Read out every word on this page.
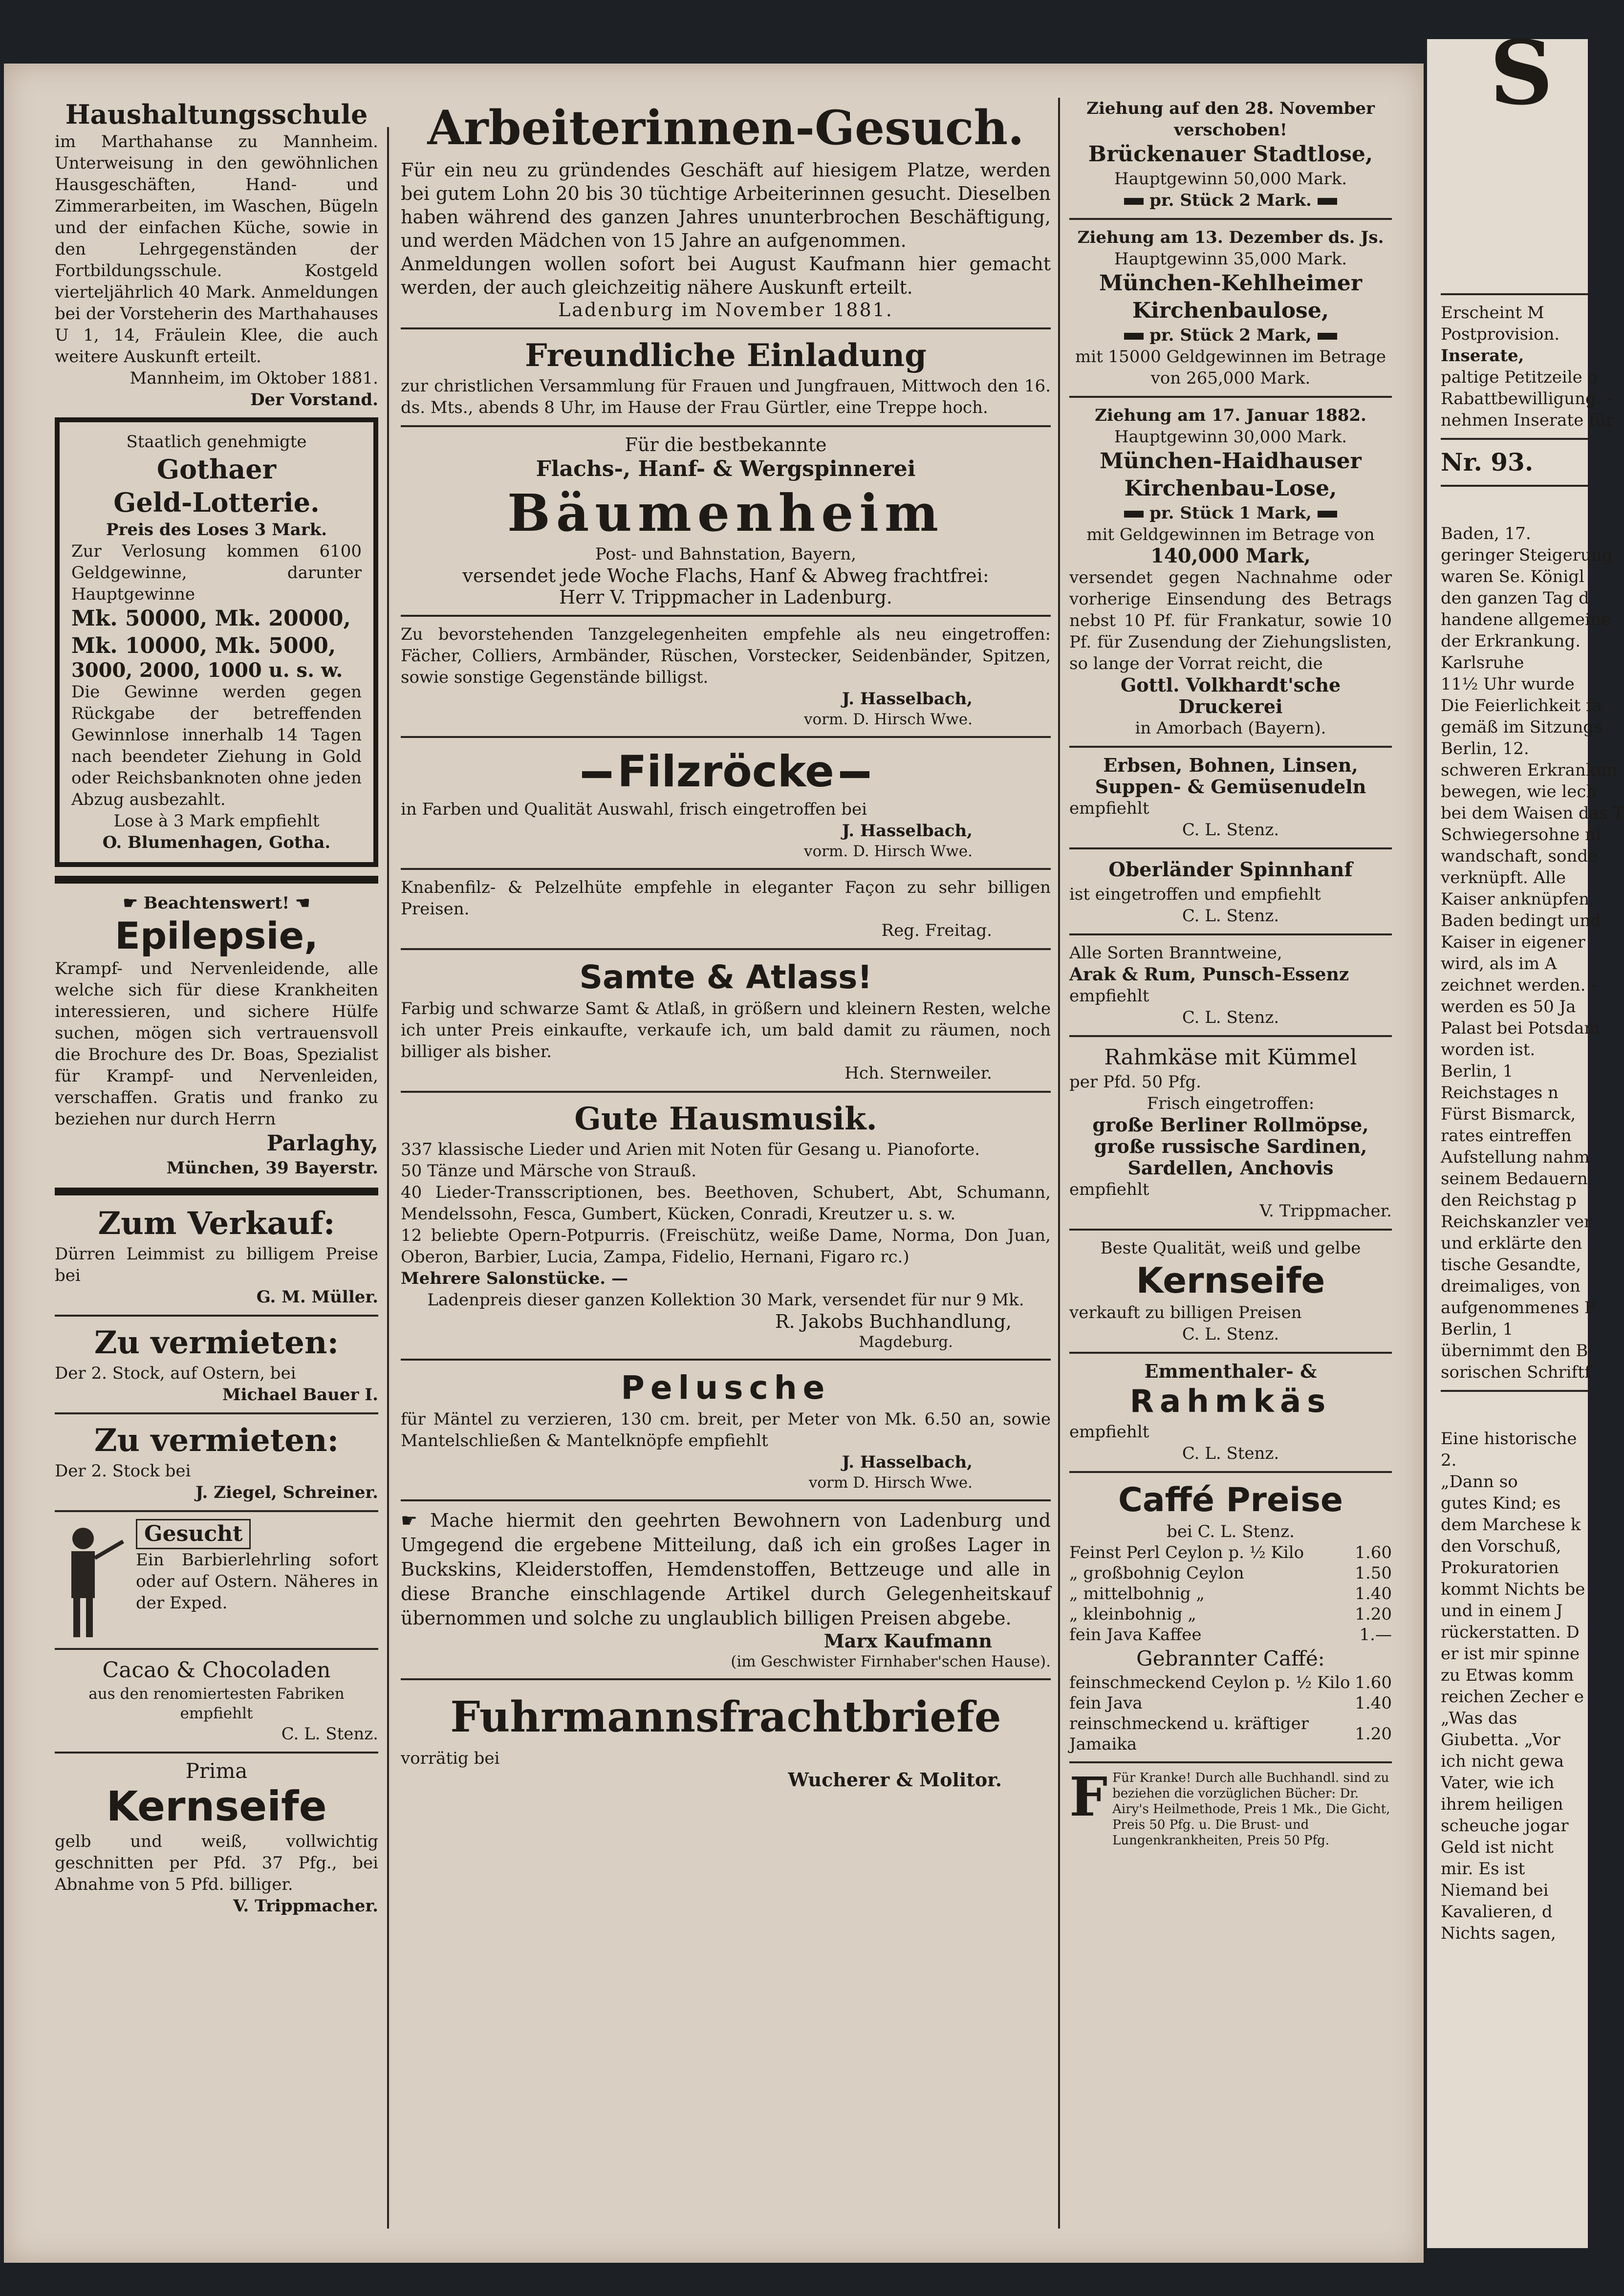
Haushaltungsschule

im Marthahanse zu Mannheim. Unterweisung in den gewöhnlichen Hausgeschäften, Hand- und Zimmerarbeiten, im Waschen, Bügeln und der einfachen Küche, sowie in den Lehrgegenständen der Fortbildungsschule. Kostgeld vierteljährlich 40 Mark. Anmeldungen bei der Vorsteherin des Marthahauses U 1, 14, Fräulein Klee, die auch weitere Auskunft erteilt.

Mannheim, im Oktober 1881.

Der Vorstand.

Staatlich genehmigte

Gothaer

Geld-Lotterie.

Preis des Loses 3 Mark.

Zur Verlosung kommen 6100 Geldgewinne, darunter Hauptgewinne

Mk. 50000, Mk. 20000,

Mk. 10000, Mk. 5000,

3000, 2000, 1000 u. s. w.

Die Gewinne werden gegen Rückgabe der betreffenden Gewinnlose innerhalb 14 Tagen nach beendeter Ziehung in Gold oder Reichsbanknoten ohne jeden Abzug ausbezahlt.

Lose à 3 Mark empfiehlt

O. Blumenhagen, Gotha.

☛ Beachtenswert! ☚

Epilepsie,

Krampf- und Nervenleidende, alle welche sich für diese Krankheiten interessieren, und sichere Hülfe suchen, mögen sich vertrauensvoll die Brochure des Dr. Boas, Spezialist für Krampf- und Nervenleiden, verschaffen. Gratis und franko zu beziehen nur durch Herrn

Parlaghy,

München, 39 Bayerstr.

Zum Verkauf:

Dürren Leimmist zu billigem Preise bei

G. M. Müller.

Zu vermieten:

Der 2. Stock, auf Ostern, bei

Michael Bauer I.

Zu vermieten:

Der 2. Stock bei

J. Ziegel, Schreiner.

Gesucht

Ein Barbierlehrling sofort oder auf Ostern. Näheres in der Exped.

Cacao & Chocoladen

aus den renomiertesten Fabriken empfiehlt

C. L. Stenz.

Prima

Kernseife

gelb und weiß, vollwichtig geschnitten per Pfd. 37 Pfg., bei Abnahme von 5 Pfd. billiger.

V. Trippmacher.

Arbeiterinnen-Gesuch.

Für ein neu zu gründendes Geschäft auf hiesigem Platze, werden bei gutem Lohn 20 bis 30 tüchtige Arbeiterinnen gesucht. Dieselben haben während des ganzen Jahres ununterbrochen Beschäftigung, und werden Mädchen von 15 Jahre an aufgenommen.

Anmeldungen wollen sofort bei August Kaufmann hier gemacht werden, der auch gleichzeitig nähere Auskunft erteilt.

Ladenburg im November 1881.

Freundliche Einladung

zur christlichen Versammlung für Frauen und Jungfrauen, Mittwoch den 16. ds. Mts., abends 8 Uhr, im Hause der Frau Gürtler, eine Treppe hoch.

Für die bestbekannte

Flachs-, Hanf- & Wergspinnerei

Bäumenheim

Post- und Bahnstation, Bayern,

versendet jede Woche Flachs, Hanf & Abweg frachtfrei:

Herr V. Trippmacher in Ladenburg.

Zu bevorstehenden Tanzgelegenheiten empfehle als neu eingetroffen: Fächer, Colliers, Armbänder, Rüschen, Vorstecker, Seidenbänder, Spitzen, sowie sonstige Gegenstände billigst.

J. Hasselbach,

vorm. D. Hirsch Wwe.

Filzröcke

in Farben und Qualität Auswahl, frisch eingetroffen bei

J. Hasselbach,

vorm. D. Hirsch Wwe.

Knabenfilz- & Pelzelhüte empfehle in eleganter Façon zu sehr billigen Preisen.

Reg. Freitag.

Samte & Atlass!

Farbig und schwarze Samt & Atlaß, in größern und kleinern Resten, welche ich unter Preis einkaufte, verkaufe ich, um bald damit zu räumen, noch billiger als bisher.

Hch. Sternweiler.

Gute Hausmusik.

337 klassische Lieder und Arien mit Noten für Gesang u. Pianoforte.

50 Tänze und Märsche von Strauß.

40 Lieder-Transscriptionen, bes. Beethoven, Schubert, Abt, Schumann, Mendelssohn, Fesca, Gumbert, Kücken, Conradi, Kreutzer u. s. w.

12 beliebte Opern-Potpurris. (Freischütz, weiße Dame, Norma, Don Juan, Oberon, Barbier, Lucia, Zampa, Fidelio, Hernani, Figaro rc.)

Mehrere Salonstücke. —

Ladenpreis dieser ganzen Kollektion 30 Mark, versendet für nur 9 Mk.

R. Jakobs Buchhandlung,

Magdeburg.

Pelusche

für Mäntel zu verzieren, 130 cm. breit, per Meter von Mk. 6.50 an, sowie Mantelschließen & Mantelknöpfe empfiehlt

J. Hasselbach,

vorm D. Hirsch Wwe.

☛ Mache hiermit den geehrten Bewohnern von Ladenburg und Umgegend die ergebene Mitteilung, daß ich ein großes Lager in Buckskins, Kleiderstoffen, Hemdenstoffen, Bettzeuge und alle in diese Branche einschlagende Artikel durch Gelegenheitskauf übernommen und solche zu unglaublich billigen Preisen abgebe.

Marx Kaufmann

(im Geschwister Firnhaber'schen Hause).

Fuhrmannsfrachtbriefe

vorrätig bei

Wucherer & Molitor.

Ziehung auf den 28. November verschoben!

Brückenauer Stadtlose,

Hauptgewinn 50,000 Mark.

pr. Stück 2 Mark.

Ziehung am 13. Dezember ds. Js.

Hauptgewinn 35,000 Mark.

München-Kehlheimer Kirchenbaulose,

pr. Stück 2 Mark,

mit 15000 Geldgewinnen im Betrage von 265,000 Mark.

Ziehung am 17. Januar 1882.

Hauptgewinn 30,000 Mark.

München-Haidhauser Kirchenbau-Lose,

pr. Stück 1 Mark,

mit Geldgewinnen im Betrage von

140,000 Mark,

versendet gegen Nachnahme oder vorherige Einsendung des Betrags nebst 10 Pf. für Frankatur, sowie 10 Pf. für Zusendung der Ziehungslisten, so lange der Vorrat reicht, die

Gottl. Volkhardt'sche Druckerei

in Amorbach (Bayern).

Erbsen, Bohnen, Linsen, Suppen- & Gemüsenudeln

empfiehlt

C. L. Stenz.

Oberländer Spinnhanf

ist eingetroffen und empfiehlt

C. L. Stenz.

Alle Sorten Branntweine,

Arak & Rum, Punsch-Essenz

empfiehlt

C. L. Stenz.

Rahmkäse mit Kümmel

per Pfd. 50 Pfg.

Frisch eingetroffen:

große Berliner Rollmöpse,

große russische Sardinen,

Sardellen, Anchovis

empfiehlt

V. Trippmacher.

Beste Qualität, weiß und gelbe

Kernseife

verkauft zu billigen Preisen

C. L. Stenz.

Emmenthaler- &

Rahmkäs

empfiehlt

C. L. Stenz.

Caffé Preise

bei C. L. Stenz.

Feinst Perl Ceylon p. ½ Kilo	1.60
„ großbohnig Ceylon	1.50
„ mittelbohnig „	1.40
„ kleinbohnig „	1.20
fein Java Kaffee	1.—

Gebrannter Caffé:

feinschmeckend Ceylon p. ½ Kilo	1.60
fein Java	1.40
reinschmeckend u. kräftiger Jamaika	1.20
F Für Kranke! Durch alle Buchhandl. sind zu beziehen die vorzüglichen Bücher: Dr. Airy's Heilmethode, Preis 1 Mk., Die Gicht, Preis 50 Pfg. u. Die Brust- und Lungenkrankheiten, Preis 50 Pfg.

S

Erscheint M

Postprovision.

Inserate,

paltige Petitzeile o

Rabattbewilligung. -

nehmen Inserate für

Nr. 93.

Baden, 17.

geringer Steigerung

waren Se. Königl

den ganzen Tag d

handene allgemeine

der Erkrankung.

Karlsruhe

11½ Uhr wurde

Die Feierlichkeit fa

gemäß im Sitzungs

Berlin, 12.

schweren Erkrankun

bewegen, wie lech

bei dem Waisen das T

Schwiegersohne ni

wandschaft, sonde

verknüpft. Alle

Kaiser anknüpfen,

Baden bedingt und

Kaiser in eigener

wird, als im A

zeichnet werden. -

werden es 50 Ja

Palast bei Potsdam

worden ist.

Berlin, 1

Reichstages n

Fürst Bismarck,

rates eintreffen

Aufstellung nahm

seinem Bedauern

den Reichstag p

Reichskanzler ver

und erklärte den

tische Gesandte,

dreimaliges, von

aufgenommenes F

Berlin, 1

übernimmt den B

sorischen Schriftf

Eine historische

2.

„Dann so

gutes Kind; es

dem Marchese k

den Vorschuß,

Prokuratorien

kommt Nichts be

und in einem J

rückerstatten. D

er ist mir spinne

zu Etwas komm

reichen Zecher e

„Was das

Giubetta. „Vor

ich nicht gewa

Vater, wie ich

ihrem heiligen

scheuche jogar

Geld ist nicht

mir. Es ist

Niemand bei

Kavalieren, d

Nichts sagen,
